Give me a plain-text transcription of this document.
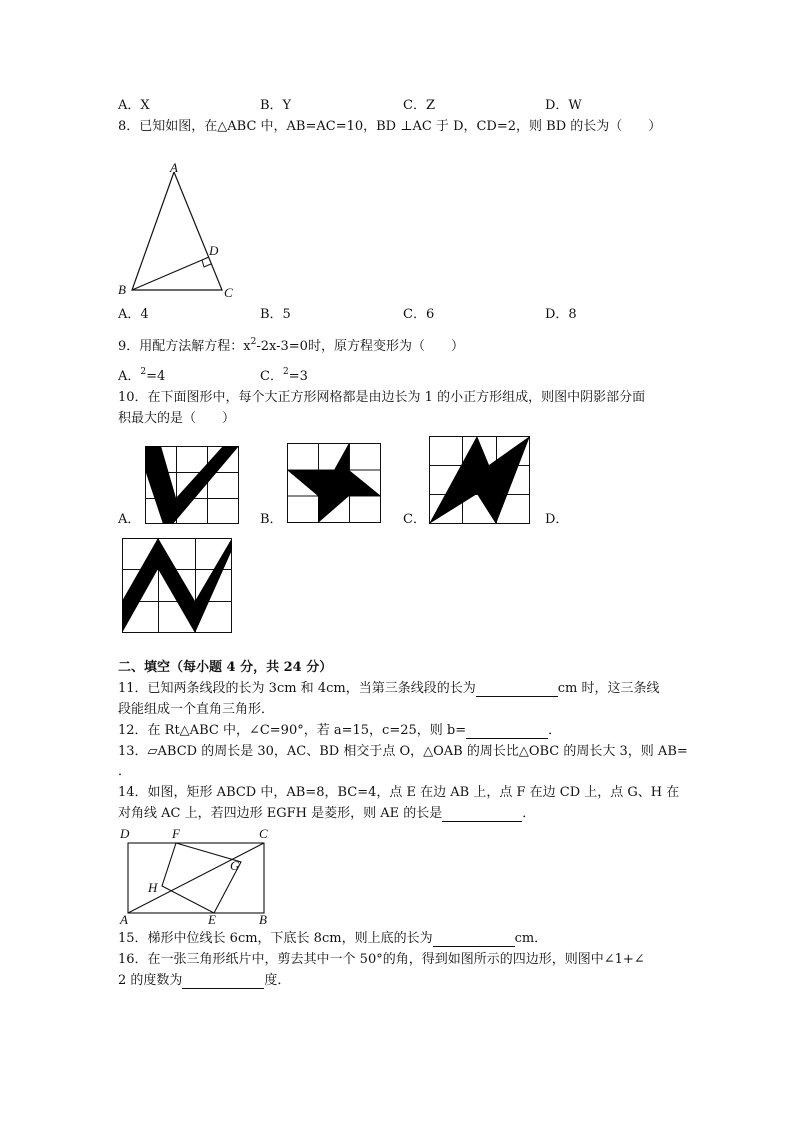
A．X	B．Y	C．Z	D．W
8．已知如图，在△ABC 中，AB=AC=10，BD ⊥AC 于 D，CD=2，则 BD 的长为（　　）
A
B	C
D
A．4	B．5	C．6	D．8
9．用配方法解方程：$x^2-2x-3=0$时，原方程变形为（　　）
A．$^2$=4	C．$^2$=3
10．在下面图形中，每个大正方形网格都是由边长为 1 的小正方形组成，则图中阴影部分面
积最大的是（　　）
A．	B．	C．	D．
二、填空（每小题 4 分，共 24 分）
11．已知两条线段的长为 3cm 和 4cm，当第三条线段的长为	cm 时，这三条线
段能组成一个直角三角形．
12．在 Rt△ABC 中，∠C=90°，若 a=15，c=25，则 b=	．
13．▱ABCD 的周长是 30，AC、BD 相交于点 O，△OAB 的周长比△OBC 的周长大 3，则 AB=
．
14．如图，矩形 ABCD 中，AB=8，BC=4，点 E 在边 AB 上，点 F 在边 CD 上，点 G、H 在
对角线 AC 上，若四边形 EGFH 是菱形，则 AE 的长是	．
D	F	C
G
H
A	E	B
15．梯形中位线长 6cm，下底长 8cm，则上底的长为	cm．
16．在一张三角形纸片中，剪去其中一个 50°的角，得到如图所示的四边形，则图中∠1+∠
2 的度数为	度．
